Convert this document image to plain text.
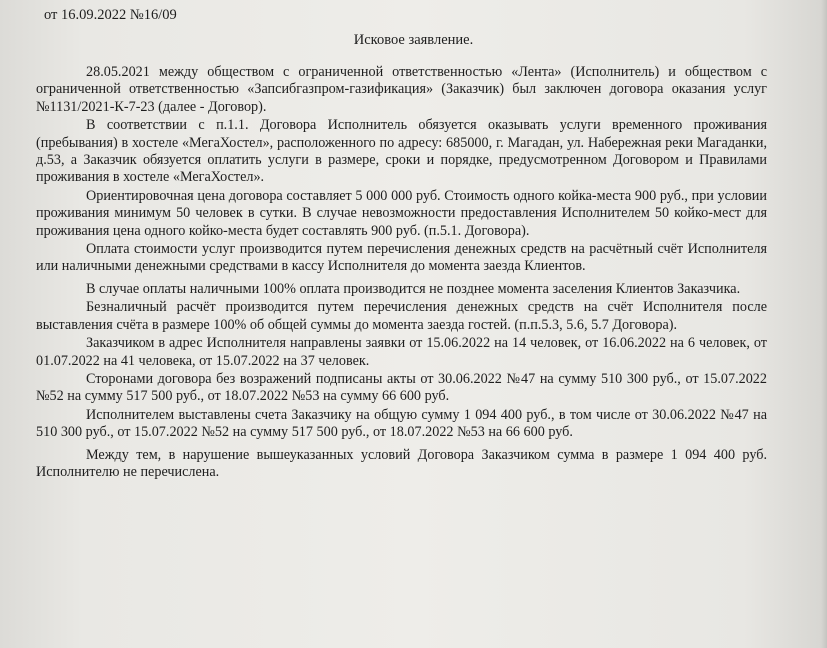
от 16.09.2022 №16/09
Исковое заявление.

28.05.2021 между обществом с ограниченной ответственностью «Лента» (Исполнитель) и обществом с ограниченной ответственностью «Запсибгазпром-газификация» (Заказчик) был заключен договора оказания услуг №1131/2021-К-7-23 (далее - Договор).

В соответствии с п.1.1. Договора Исполнитель обязуется оказывать услуги временного проживания (пребывания) в хостеле «МегаХостел», расположенного по адресу: 685000, г. Магадан, ул. Набережная реки Магаданки, д.53, а Заказчик обязуется оплатить услуги в размере, сроки и порядке, предусмотренном Договором и Правилами проживания в хостеле «МегаХостел».

Ориентировочная цена договора составляет 5 000 000 руб. Стоимость одного койка-места 900 руб., при условии проживания минимум 50 человек в сутки. В случае невозможности предоставления Исполнителем 50 койко-мест для проживания цена одного койко-места будет составлять 900 руб. (п.5.1. Договора).

Оплата стоимости услуг производится путем перечисления денежных средств на расчётный счёт Исполнителя или наличными денежными средствами в кассу Исполнителя до момента заезда Клиентов.

В случае оплаты наличными 100% оплата производится не позднее момента заселения Клиентов Заказчика.

Безналичный расчёт производится путем перечисления денежных средств на счёт Исполнителя после выставления счёта в размере 100% об общей суммы до момента заезда гостей. (п.п.5.3, 5.6, 5.7 Договора).

Заказчиком в адрес Исполнителя направлены заявки от 15.06.2022 на 14 человек, от 16.06.2022 на 6 человек, от 01.07.2022 на 41 человека, от 15.07.2022 на 37 человек.

Сторонами договора без возражений подписаны акты от 30.06.2022 №47 на сумму 510 300 руб., от 15.07.2022 №52 на сумму 517 500 руб., от 18.07.2022 №53 на сумму 66 600 руб.

Исполнителем выставлены счета Заказчику на общую сумму 1 094 400 руб., в том числе от 30.06.2022 №47 на 510 300 руб., от 15.07.2022 №52 на сумму 517 500 руб., от 18.07.2022 №53 на 66 600 руб.

Между тем, в нарушение вышеуказанных условий Договора Заказчиком сумма в размере 1 094 400 руб. Исполнителю не перечислена.
